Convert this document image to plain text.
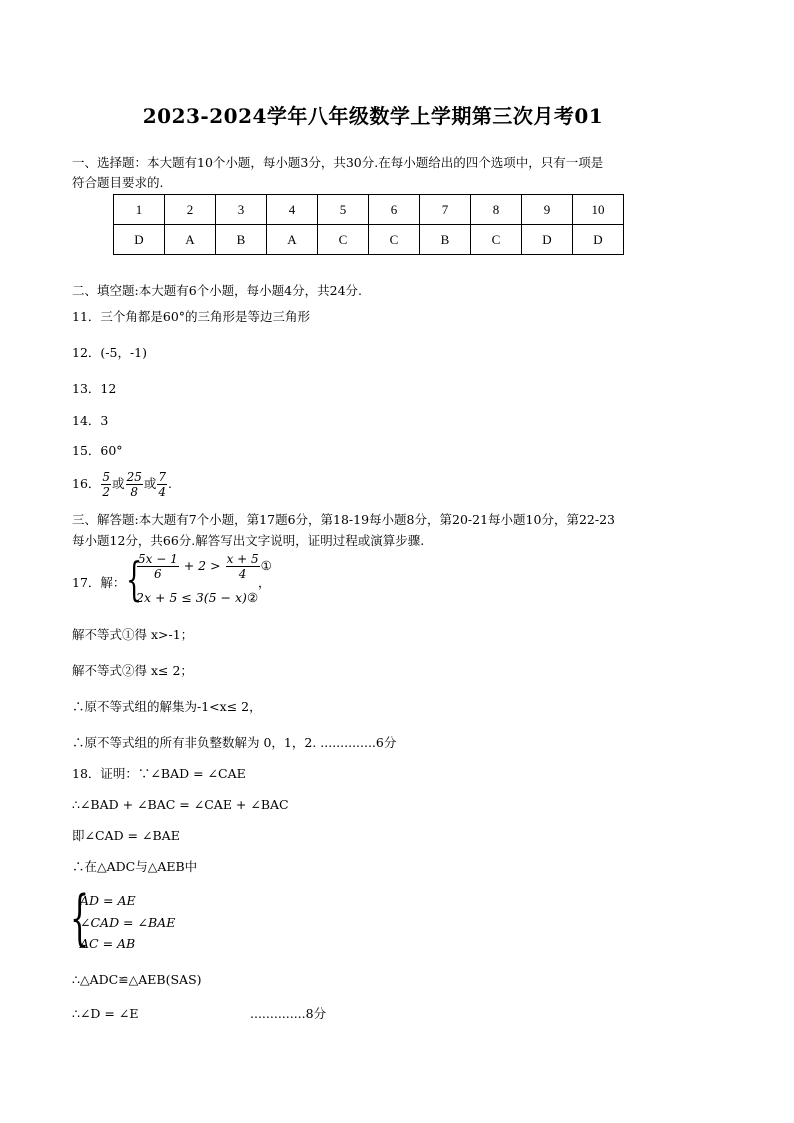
2023-2024学年八年级数学上学期第三次月考01
一、选择题：本大题有10个小题，每小题3分，共30分.在每小题给出的四个选项中，只有一项是
符合题目要求的.
1	2	3	4	5	6	7	8	9	10
D	A	B	A	C	C	B	C	D	D
二、填空题:本大题有6个小题，每小题4分，共24分.
11．三个角都是60°的三角形是等边三角形
12．(-5，-1)
13．12
14．3
15．60°
16． $\frac{5}{2}$ 或 $\frac{25}{8}$ 或 $\frac{7}{4}$ .
三、解答题:本大题有7个小题，第17题6分，第18-19每小题8分，第20-21每小题10分，第22-23
每小题12分，共66分.解答写出文字说明，证明过程或演算步骤.
17．解： {
$\frac{5x - 1}{6} + 2 > \frac{x + 5}{4}$ ①
，
2x + 5 ≤ 3(5 − x)②
解不等式①得 x>-1；
解不等式②得 x≤ 2；
∴原不等式组的解集为-1<x≤ 2，
∴原不等式组的所有非负整数解为 0，1，2. ..............6分
18．证明：∵∠BAD = ∠CAE
∴∠BAD + ∠BAC = ∠CAE + ∠BAC
即∠CAD = ∠BAE
∴在△ADC与△AEB中
{
AD = AE
∠CAD = ∠BAE
AC = AB
∴△ADC≌△AEB(SAS)
∴∠D = ∠E	..............8分
